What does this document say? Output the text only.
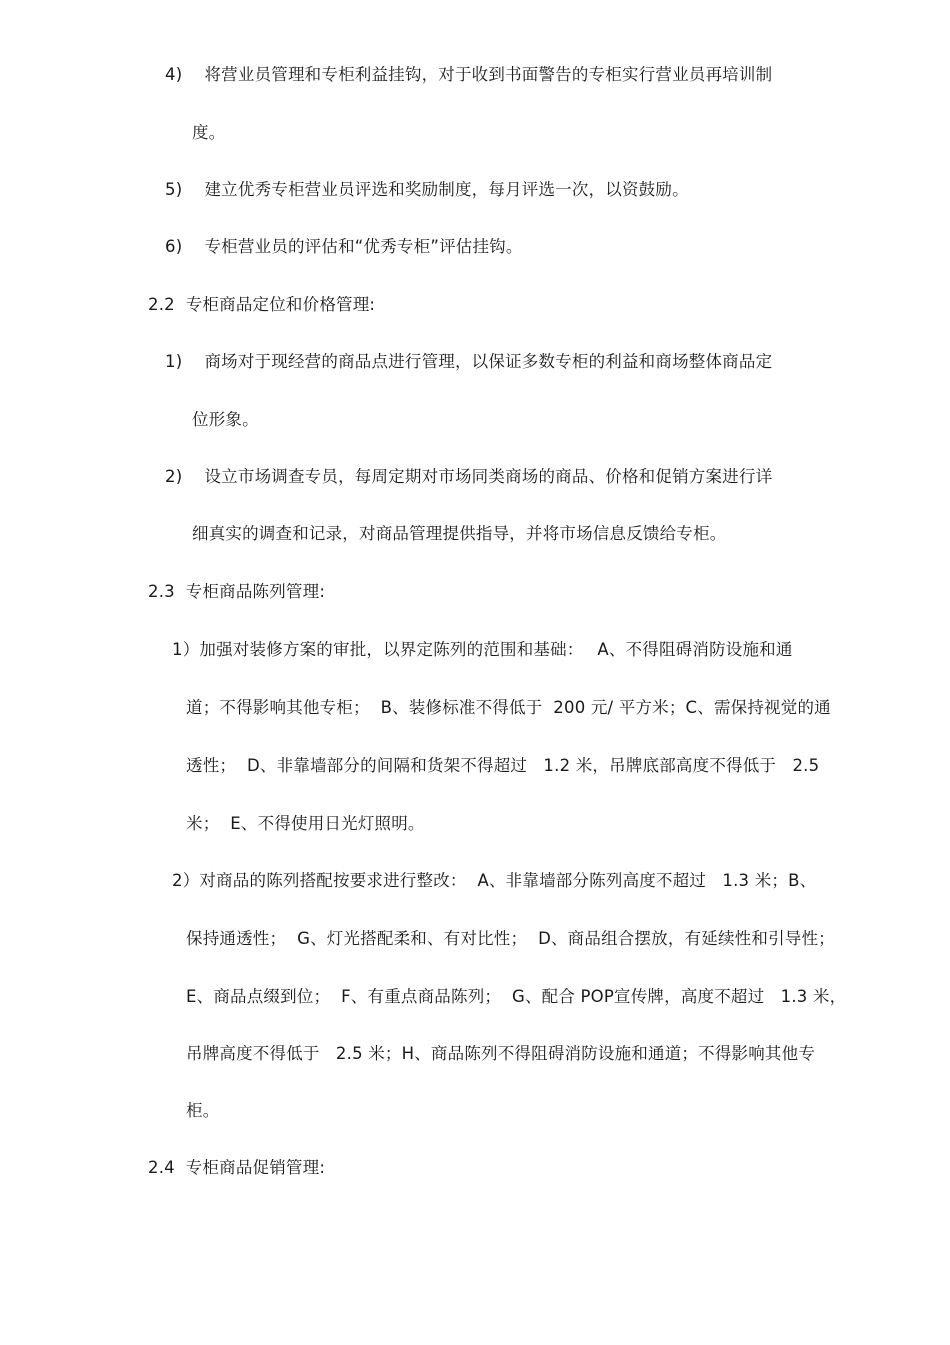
4)　 将营业员管理和专柜利益挂钩，对于收到书面警告的专柜实行营业员再培训制

度。

5)　 建立优秀专柜营业员评选和奖励制度，每月评选一次，以资鼓励。

6)　 专柜营业员的评估和“优秀专柜”评估挂钩。

2.2  专柜商品定位和价格管理:

1)　 商场对于现经营的商品点进行管理，以保证多数专柜的利益和商场整体商品定

位形象。

2)　 设立市场调查专员，每周定期对市场同类商场的商品、价格和促销方案进行详

细真实的调查和记录，对商品管理提供指导，并将市场信息反馈给专柜。

2.3  专柜商品陈列管理:

1）加强对装修方案的审批，以界定陈列的范围和基础：　 A、不得阻碍消防设施和通

道；不得影响其他专柜；  B、装修标准不得低于  200 元/ 平方米；C、需保持视觉的通

透性；  D、非靠墙部分的间隔和货架不得超过   1.2 米，吊牌底部高度不得低于   2.5

米；  E、不得使用日光灯照明。

2）对商品的陈列搭配按要求进行整改：  A、非靠墙部分陈列高度不超过   1.3 米；B、

保持通透性；  G、灯光搭配柔和、有对比性；  D、商品组合摆放，有延续性和引导性；

E、商品点缀到位；  F、有重点商品陈列；  G、配合 POP宣传牌，高度不超过   1.3 米，

吊牌高度不得低于   2.5 米；H、商品陈列不得阻碍消防设施和通道；不得影响其他专

柜。

2.4  专柜商品促销管理:
